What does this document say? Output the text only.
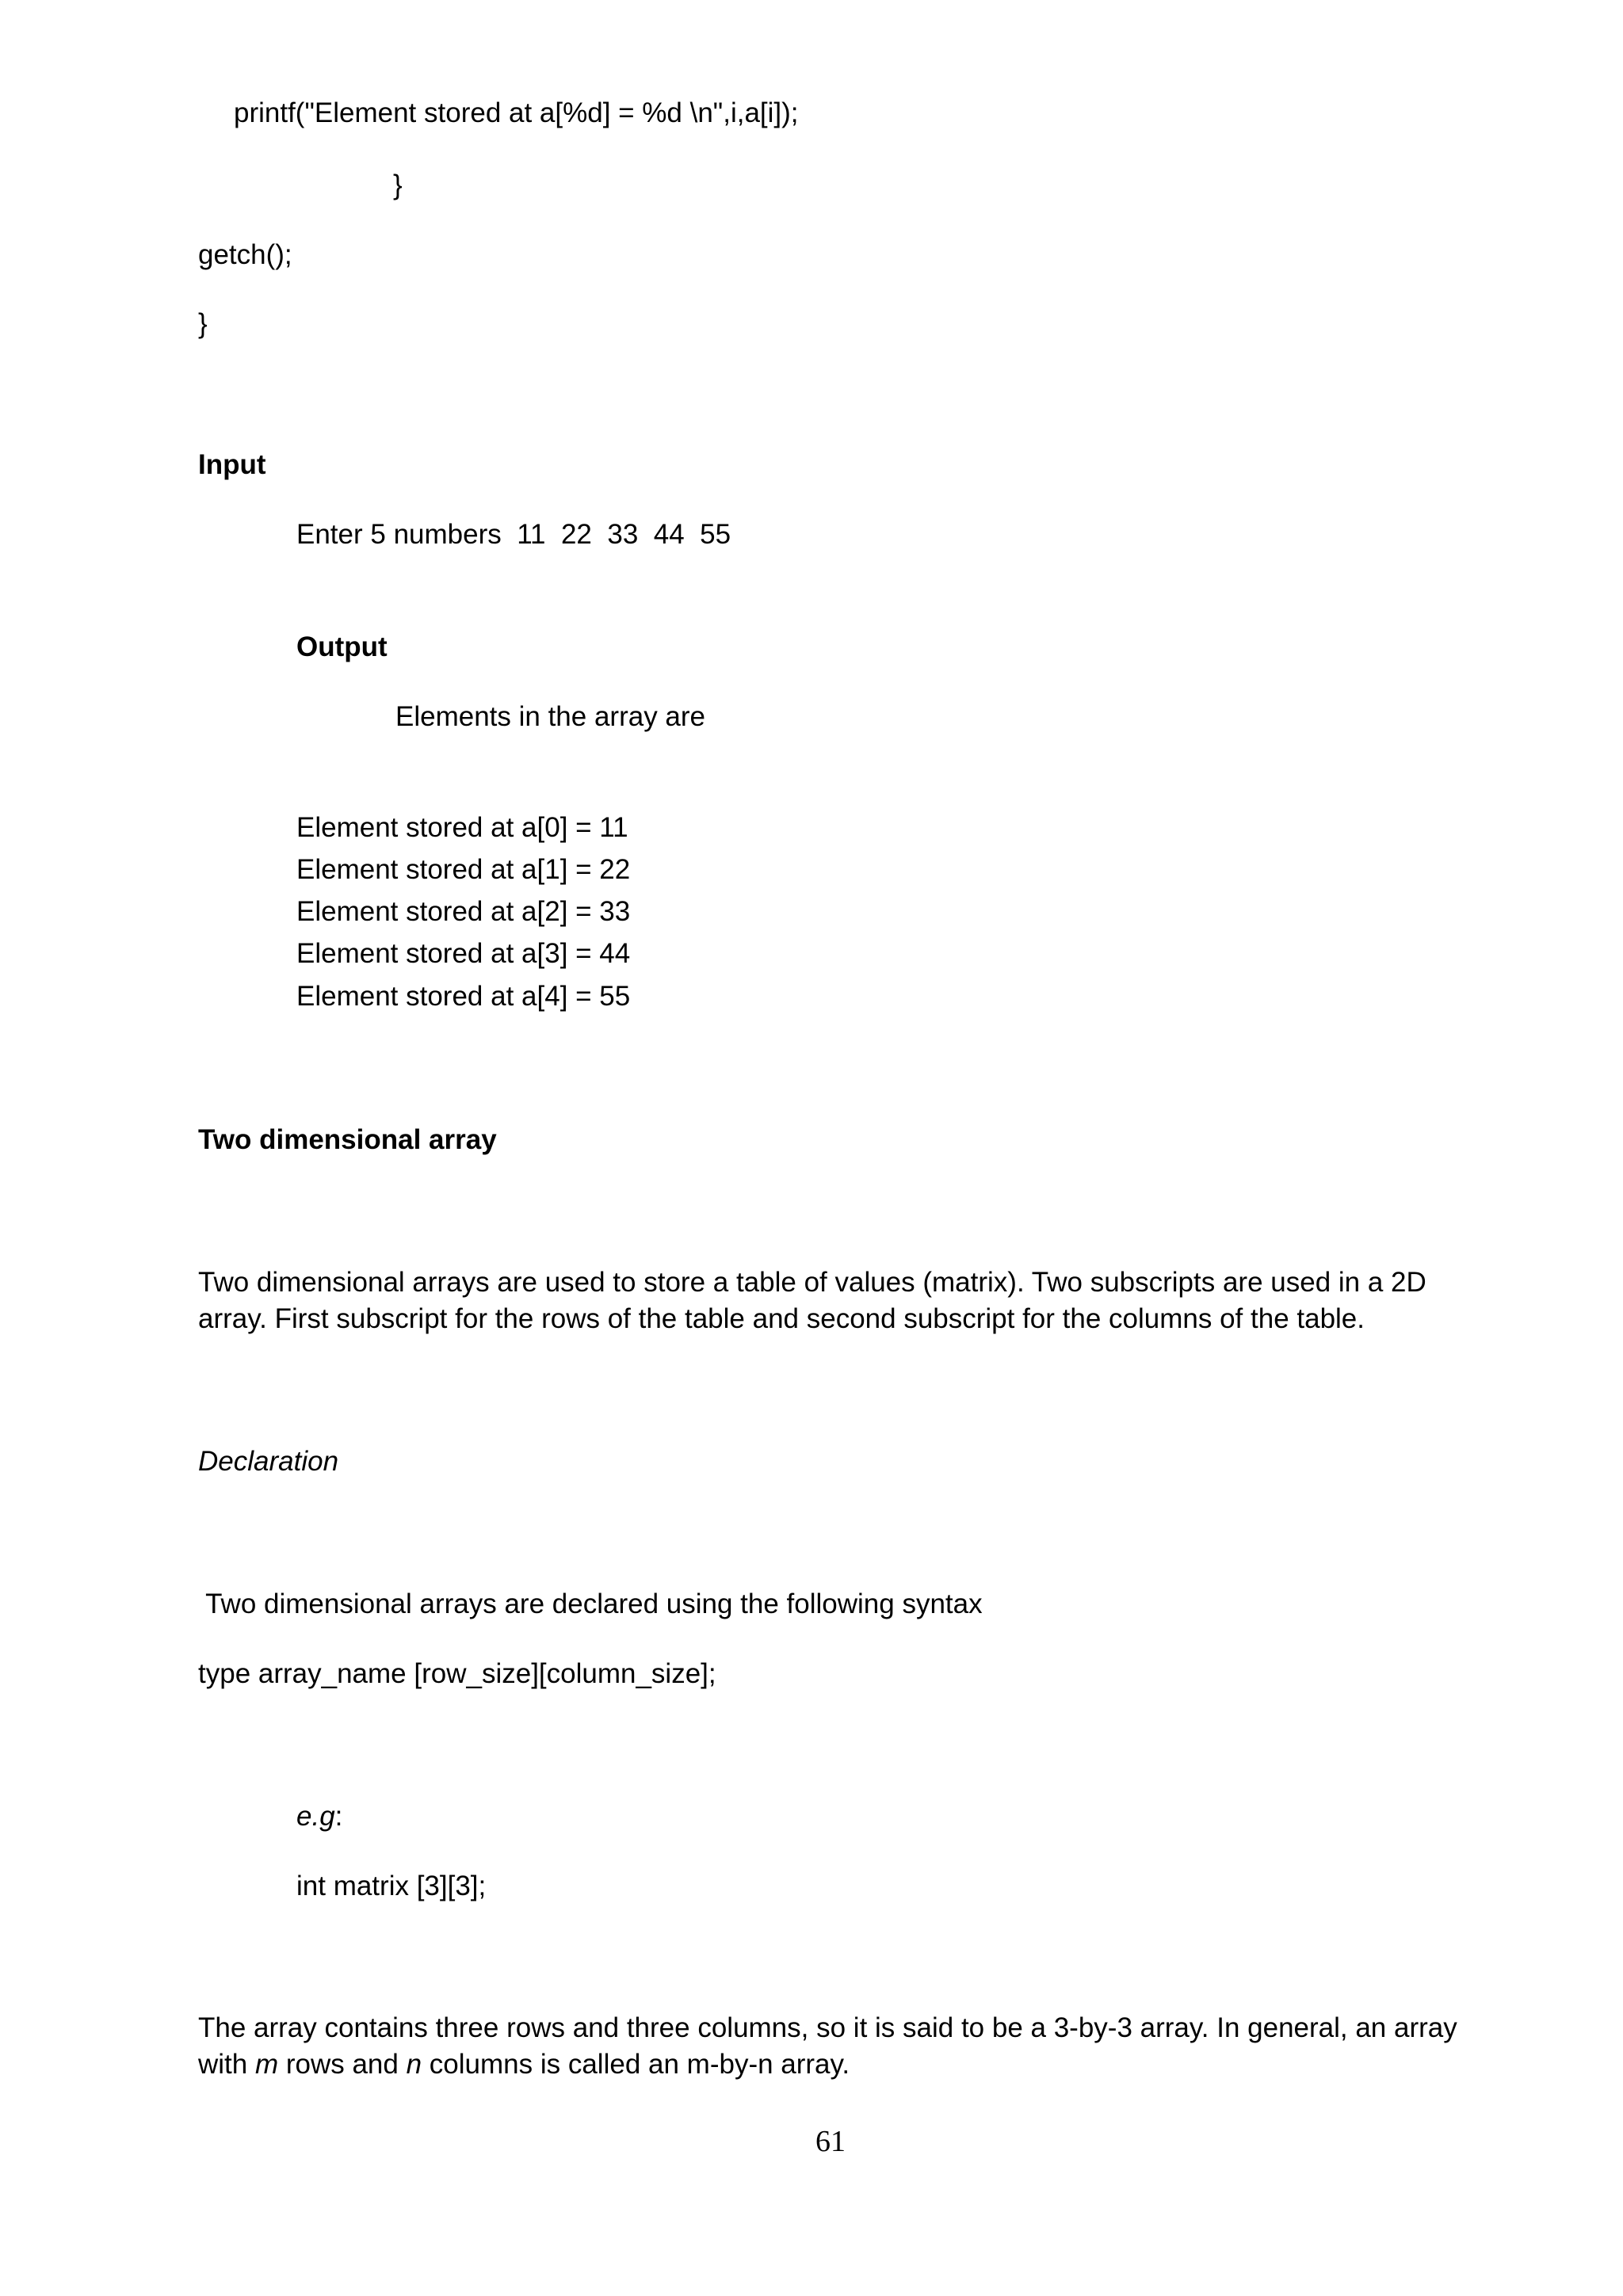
printf("Element stored at a[%d] = %d \n",i,a[i]);

}

getch();

}

Input

Enter 5 numbers  11  22  33  44  55

Output

Elements in the array are

Element stored at a[0] = 11

Element stored at a[1] = 22

Element stored at a[2] = 33

Element stored at a[3] = 44

Element stored at a[4] = 55

Two dimensional array

Two dimensional arrays are used to store a table of values (matrix). Two subscripts are used in a 2D array. First subscript for the rows of the table and second subscript for the columns of the table.

Declaration

Two dimensional arrays are declared using the following syntax

type array_name [row_size][column_size];

e.g:

int matrix [3][3];

The array contains three rows and three columns, so it is said to be a 3-by-3 array. In general, an array with m rows and n columns is called an m-by-n array.

61
